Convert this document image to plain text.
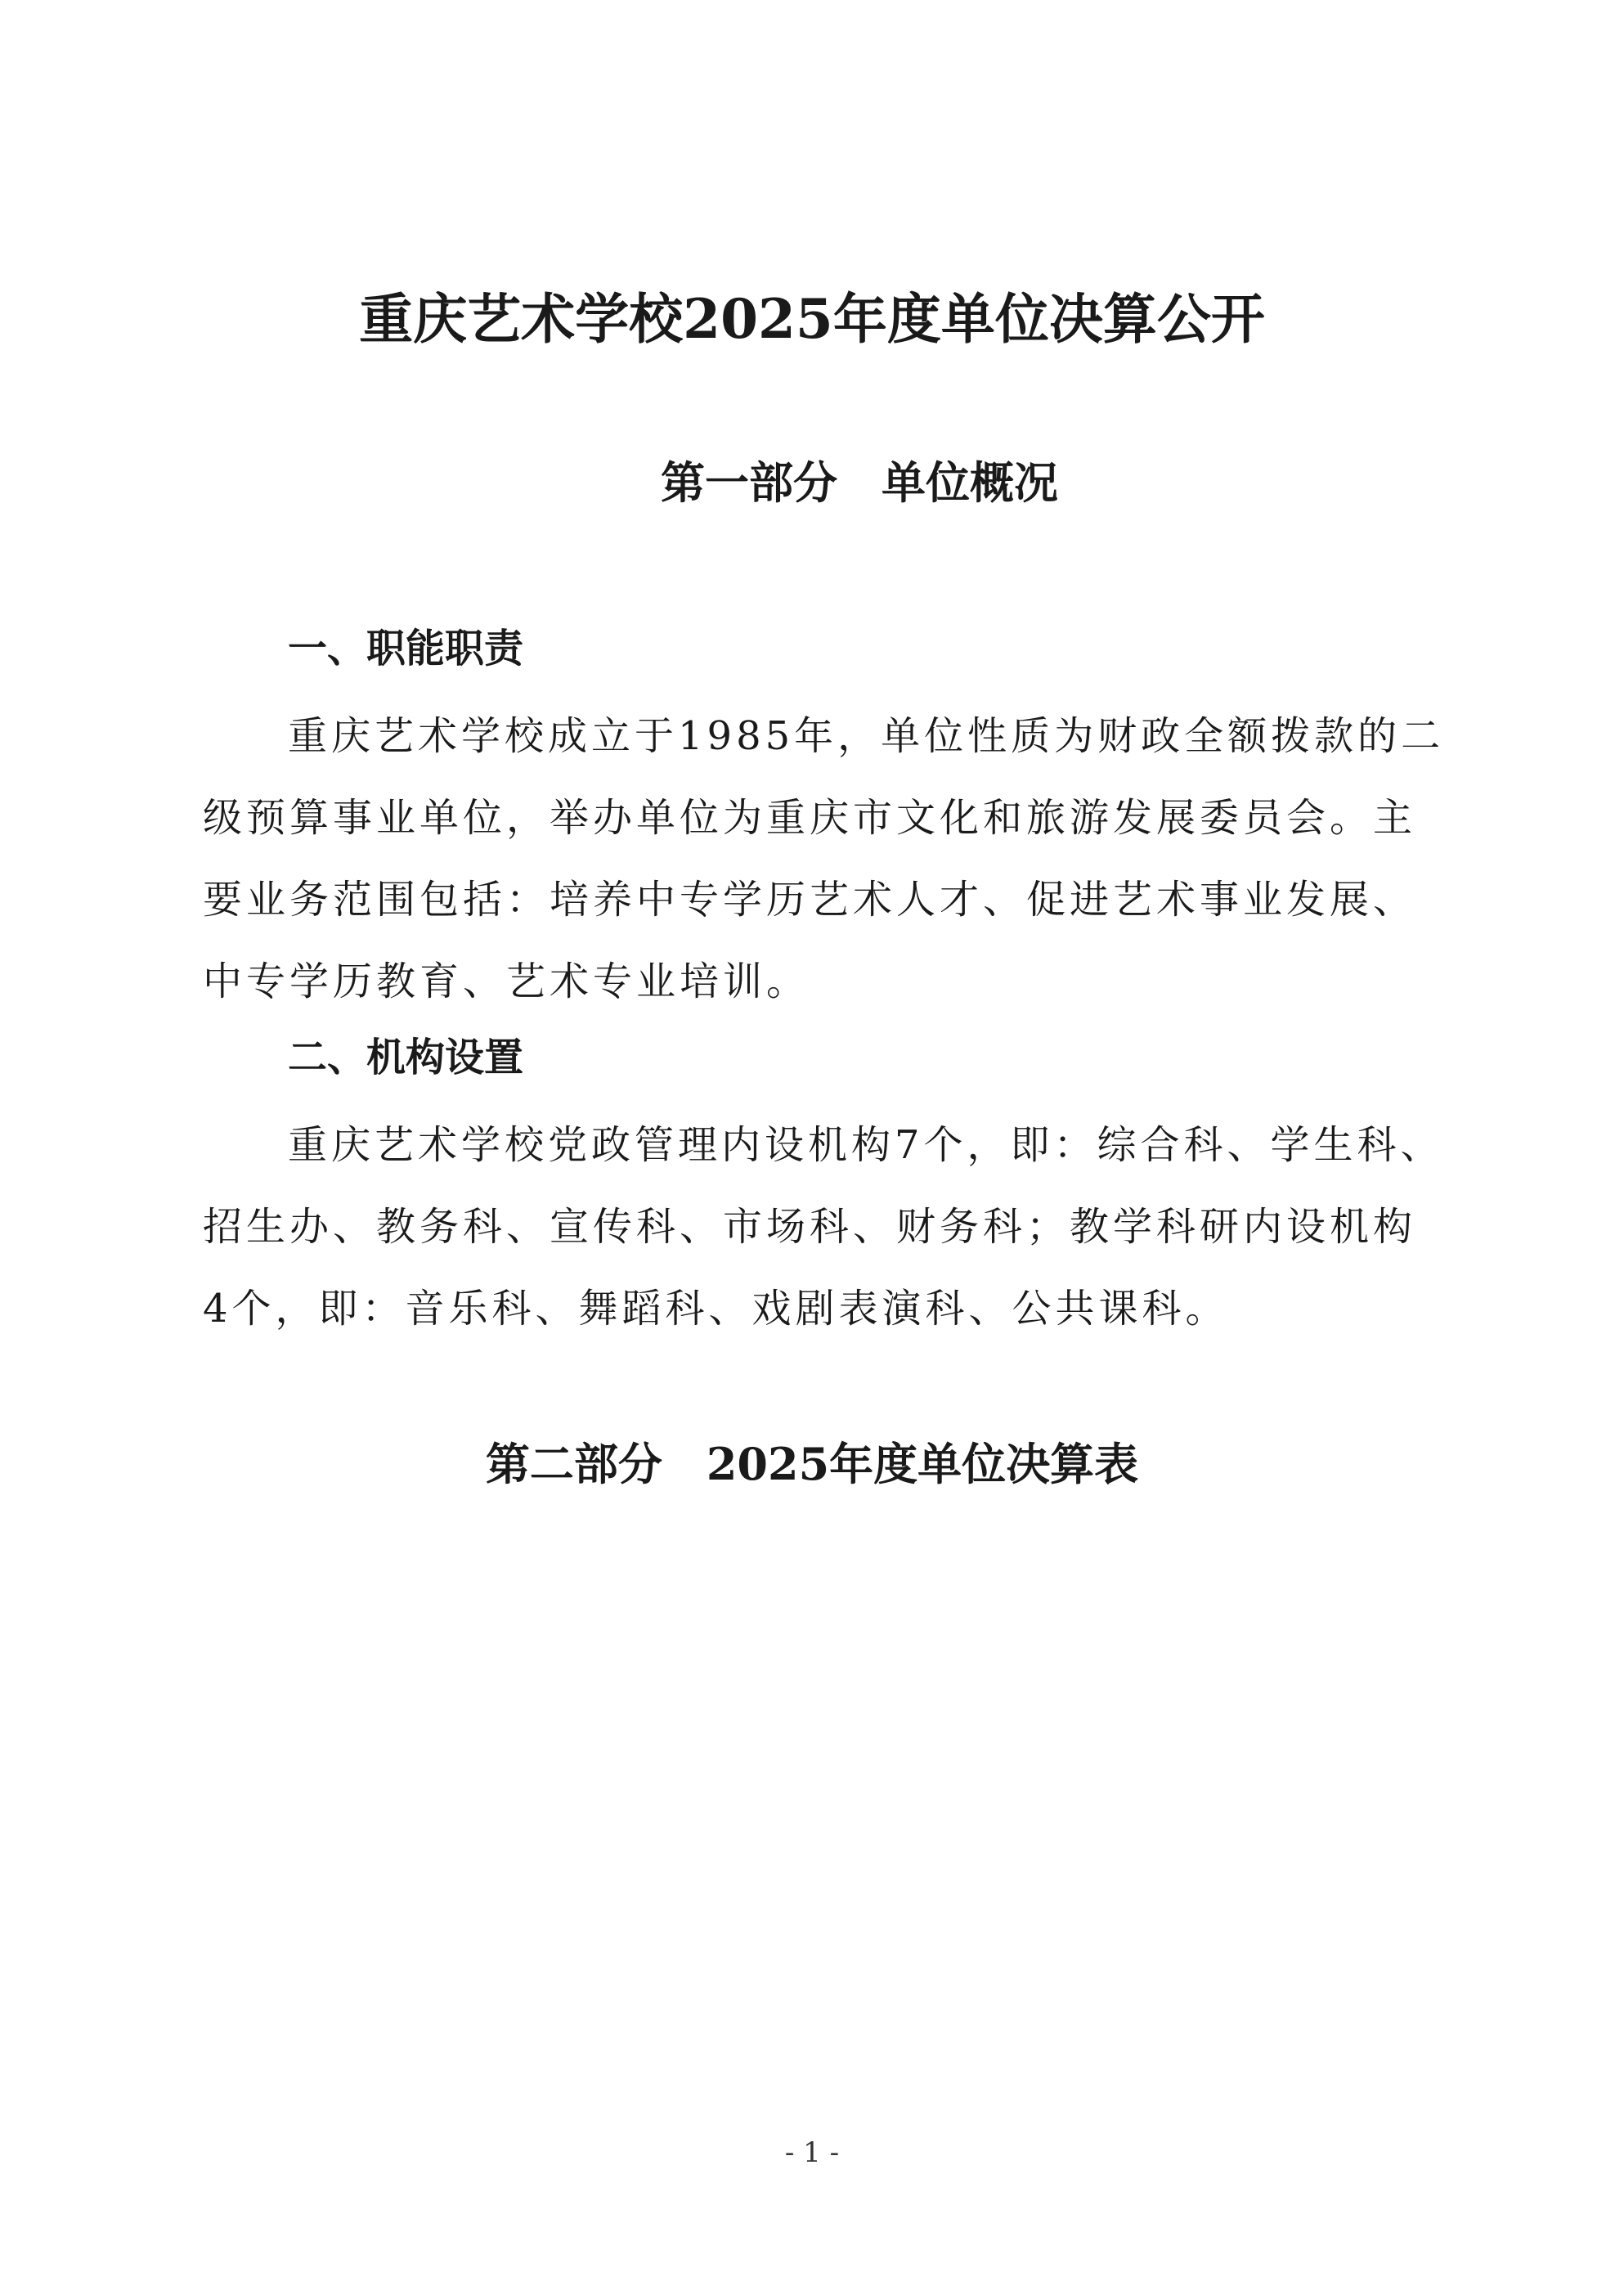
重庆艺术学校2025年度单位决算公开
第一部分　单位概况
一、职能职责
重庆艺术学校成立于1985年，单位性质为财政全额拨款的二
级预算事业单位，举办单位为重庆市文化和旅游发展委员会。主
要业务范围包括：培养中专学历艺术人才、促进艺术事业发展、
中专学历教育、艺术专业培训。
二、机构设置
重庆艺术学校党政管理内设机构7个，即：综合科、学生科、
招生办、教务科、宣传科、市场科、财务科；教学科研内设机构
4个，即：音乐科、舞蹈科、戏剧表演科、公共课科。
第二部分　2025年度单位决算表
- 1 -
